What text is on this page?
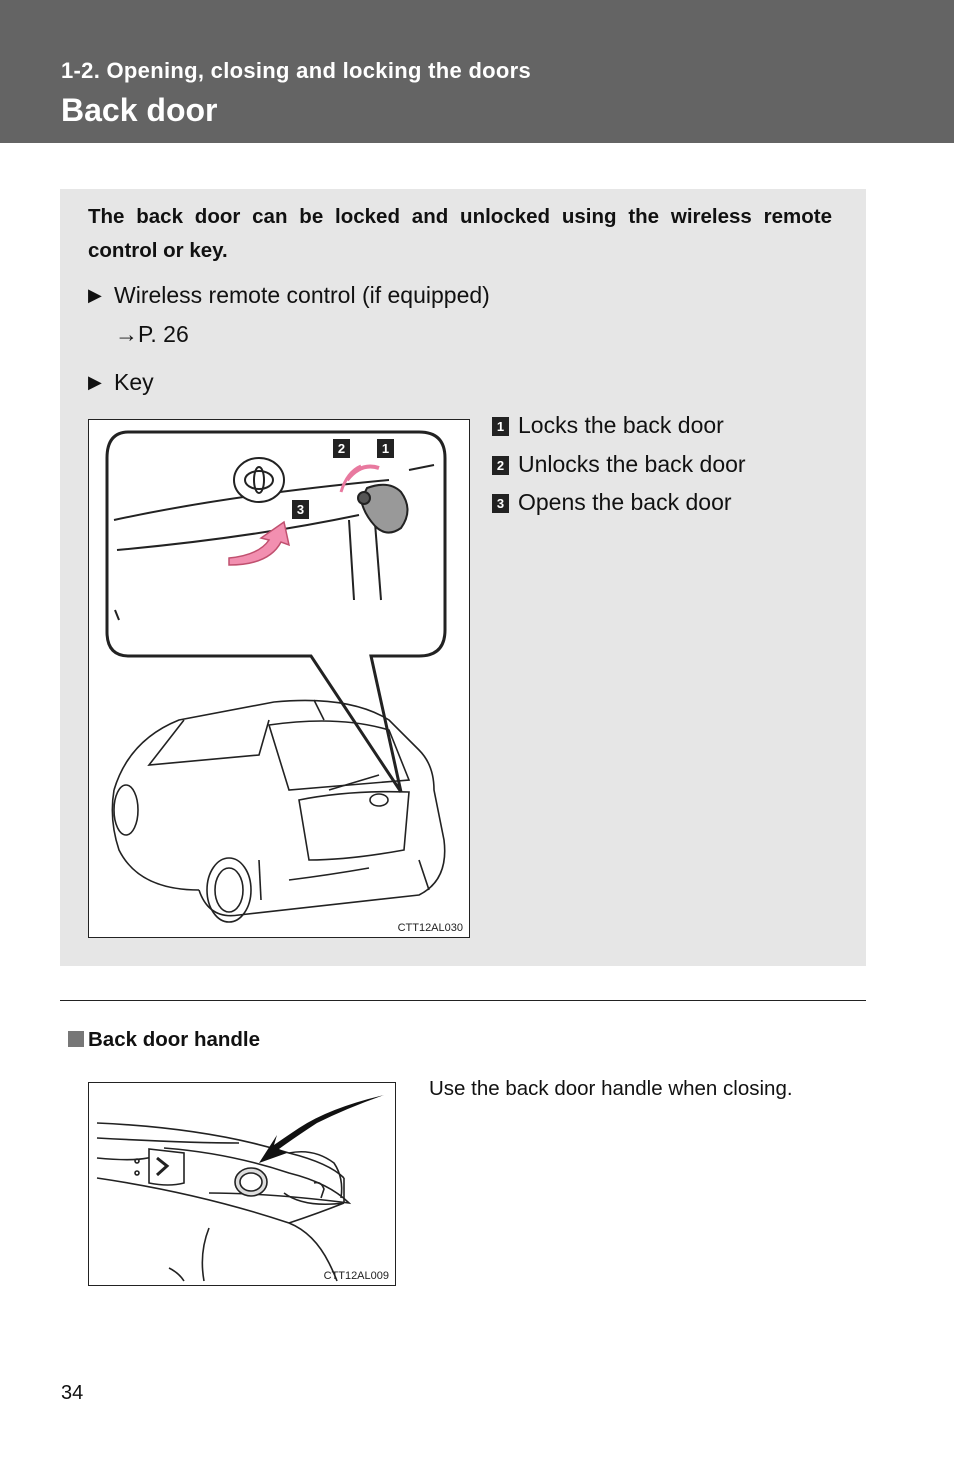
1-2. Opening, closing and locking the doors
Back door
The back door can be locked and unlocked using the wireless remote control or key.
▶ Wireless remote control (if equipped)
→P. 26
▶ Key
2	1
3
CTT12AL030
1 Locks the back door
2 Unlocks the back door
3 Opens the back door
Back door handle
CTT12AL009
Use the back door handle when closing.
34
